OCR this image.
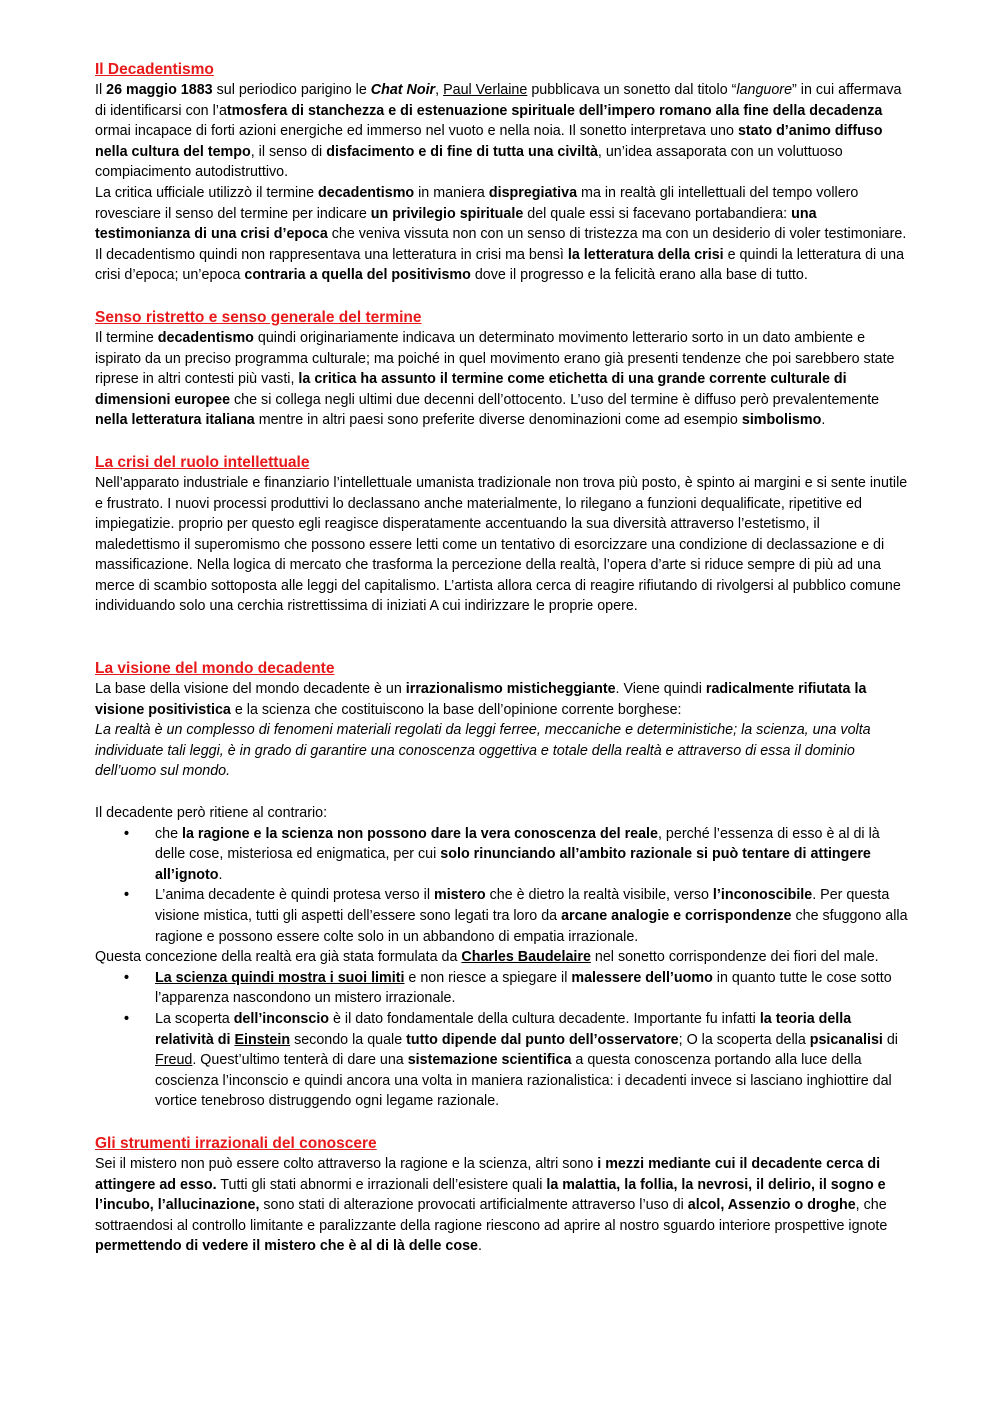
Il Decadentismo

Il 26 maggio 1883 sul periodico parigino le Chat Noir, Paul Verlaine pubblicava un sonetto dal titolo “languore” in cui affermava di identificarsi con l’atmosfera di stanchezza e di estenuazione spirituale dell’impero romano alla fine della decadenza ormai incapace di forti azioni energiche ed immerso nel vuoto e nella noia. Il sonetto interpretava uno stato d’animo diffuso nella cultura del tempo, il senso di disfacimento e di fine di tutta una civiltà, un’idea assaporata con un voluttuoso compiacimento autodistruttivo.

La critica ufficiale utilizzò il termine decadentismo in maniera dispregiativa ma in realtà gli intellettuali del tempo vollero rovesciare il senso del termine per indicare un privilegio spirituale del quale essi si facevano portabandiera: una testimonianza di una crisi d’epoca che veniva vissuta non con un senso di tristezza ma con un desiderio di voler testimoniare. Il decadentismo quindi non rappresentava una letteratura in crisi ma bensì la letteratura della crisi e quindi la letteratura di una crisi d’epoca; un’epoca contraria a quella del positivismo dove il progresso e la felicità erano alla base di tutto.

Senso ristretto e senso generale del termine

Il termine decadentismo quindi originariamente indicava un determinato movimento letterario sorto in un dato ambiente e ispirato da un preciso programma culturale; ma poiché in quel movimento erano già presenti tendenze che poi sarebbero state riprese in altri contesti più vasti, la critica ha assunto il termine come etichetta di una grande corrente culturale di dimensioni europee che si collega negli ultimi due decenni dell’ottocento. L’uso del termine è diffuso però prevalentemente nella letteratura italiana mentre in altri paesi sono preferite diverse denominazioni come ad esempio simbolismo.

La crisi del ruolo intellettuale

Nell’apparato industriale e finanziario l’intellettuale umanista tradizionale non trova più posto, è spinto ai margini e si sente inutile e frustrato. I nuovi processi produttivi lo declassano anche materialmente, lo rilegano a funzioni dequalificate, ripetitive ed impiegatizie. proprio per questo egli reagisce disperatamente accentuando la sua diversità attraverso l’estetismo, il maledettismo il superomismo che possono essere letti come un tentativo di esorcizzare una condizione di declassazione e di massificazione. Nella logica di mercato che trasforma la percezione della realtà, l’opera d’arte si riduce sempre di più ad una merce di scambio sottoposta alle leggi del capitalismo. L’artista allora cerca di reagire rifiutando di rivolgersi al pubblico comune individuando solo una cerchia ristrettissima di iniziati A cui indirizzare le proprie opere.

La visione del mondo decadente

La base della visione del mondo decadente è un irrazionalismo misticheggiante. Viene quindi radicalmente rifiutata la visione positivistica e la scienza che costituiscono la base dell’opinione corrente borghese:

La realtà è un complesso di fenomeni materiali regolati da leggi ferree, meccaniche e deterministiche; la scienza, una volta individuate tali leggi, è in grado di garantire una conoscenza oggettiva e totale della realtà e attraverso di essa il dominio dell’uomo sul mondo.

Il decadente però ritiene al contrario:

• che la ragione e la scienza non possono dare la vera conoscenza del reale, perché l’essenza di esso è al di là delle cose, misteriosa ed enigmatica, per cui solo rinunciando all’ambito razionale si può tentare di attingere all’ignoto.
• L’anima decadente è quindi protesa verso il mistero che è dietro la realtà visibile, verso l’inconoscibile. Per questa visione mistica, tutti gli aspetti dell’essere sono legati tra loro da arcane analogie e corrispondenze che sfuggono alla ragione e possono essere colte solo in un abbandono di empatia irrazionale.

Questa concezione della realtà era già stata formulata da Charles Baudelaire nel sonetto corrispondenze dei fiori del male.

• La scienza quindi mostra i suoi limiti e non riesce a spiegare il malessere dell’uomo in quanto tutte le cose sotto l’apparenza nascondono un mistero irrazionale.
• La scoperta dell’inconscio è il dato fondamentale della cultura decadente. Importante fu infatti la teoria della relatività di Einstein secondo la quale tutto dipende dal punto dell’osservatore; O la scoperta della psicanalisi di Freud. Quest’ultimo tenterà di dare una sistemazione scientifica a questa conoscenza portando alla luce della coscienza l’inconscio e quindi ancora una volta in maniera razionalistica: i decadenti invece si lasciano inghiottire dal vortice tenebroso distruggendo ogni legame razionale.
Gli strumenti irrazionali del conoscere

Sei il mistero non può essere colto attraverso la ragione e la scienza, altri sono i mezzi mediante cui il decadente cerca di attingere ad esso. Tutti gli stati abnormi e irrazionali dell’esistere quali la malattia, la follia, la nevrosi, il delirio, il sogno e l’incubo, l’allucinazione, sono stati di alterazione provocati artificialmente attraverso l’uso di alcol, Assenzio o droghe, che sottraendosi al controllo limitante e paralizzante della ragione riescono ad aprire al nostro sguardo interiore prospettive ignote permettendo di vedere il mistero che è al di là delle cose.
